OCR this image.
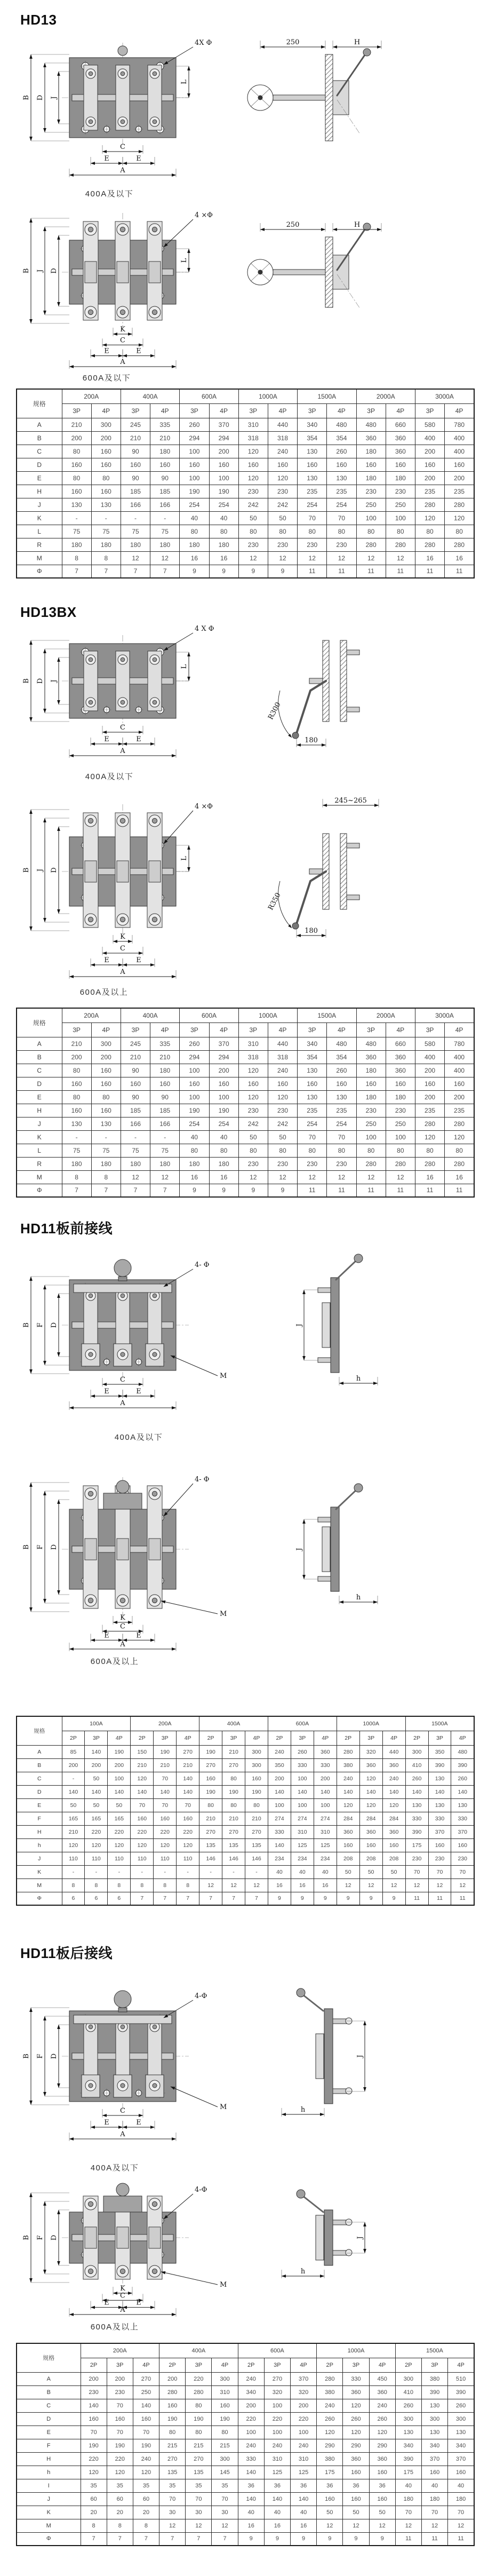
HD13
HD13BX
HD11板前接线
HD11板后接线
4X Φ
B D J
L
C
E	E
A
250	H
4 ×Φ
B J D
L
K
C
E	E
A
250	H
4 X Φ
B D J
L
C
E	E
A
R300
180
4 ×Φ
B J D
L
K
C
E	E
A
R350
180
245~265
4- Φ
M
B F D
C
E	E
A
J
h
4- Φ
M
B F D
K
C
E	E
A
J
h
4-Φ
M
B F D
C
E	E
A
J
h
4-Φ
M
B F D
K
C
E	E
A
J
h
400A及以下
600A及以下
400A及以下
600A及以上
400A及以下
600A及以上
400A及以下
600A及以上
规格	200A		400A		600A		1000A		1500A		2000A		3000A	
	3P	4P	3P	4P	3P	4P	3P	4P	3P	4P	3P	4P	3P	4P
A	210	300	245	335	260	370	310	440	340	480	480	660	580	780
B	200	200	210	210	294	294	318	318	354	354	360	360	400	400
C	80	160	90	180	100	200	120	240	130	260	180	360	200	400
D	160	160	160	160	160	160	160	160	160	160	160	160	160	160
E	80	80	90	90	100	100	120	120	130	130	180	180	200	200
H	160	160	185	185	190	190	230	230	235	235	230	230	235	235
J	130	130	166	166	254	254	242	242	254	254	250	250	280	280
K	-	-	-	-	40	40	50	50	70	70	100	100	120	120
L	75	75	75	75	80	80	80	80	80	80	80	80	80	80
R	180	180	180	180	180	180	230	230	230	230	280	280	280	280
M	8	8	12	12	16	16	12	12	12	12	12	12	16	16
Φ	7	7	7	7	9	9	9	9	11	11	11	11	11	11
规格	200A		400A		600A		1000A		1500A		2000A		3000A	
	3P	4P	3P	4P	3P	4P	3P	4P	3P	4P	3P	4P	3P	4P
A	210	300	245	335	260	370	310	440	340	480	480	660	580	780
B	200	200	210	210	294	294	318	318	354	354	360	360	400	400
C	80	160	90	180	100	200	120	240	130	260	180	360	200	400
D	160	160	160	160	160	160	160	160	160	160	160	160	160	160
E	80	80	90	90	100	100	120	120	130	130	180	180	200	200
H	160	160	185	185	190	190	230	230	235	235	230	230	235	235
J	130	130	166	166	254	254	242	242	254	254	250	250	280	280
K	-	-	-	-	40	40	50	50	70	70	100	100	120	120
L	75	75	75	75	80	80	80	80	80	80	80	80	80	80
R	180	180	180	180	180	180	230	230	230	230	280	280	280	280
M	8	8	12	12	16	16	12	12	12	12	12	12	16	16
Φ	7	7	7	7	9	9	9	9	11	11	11	11	11	11
规格	100A			200A			400A			600A			1000A			1500A		
	2P	3P	4P	2P	3P	4P	2P	3P	4P	2P	3P	4P	2P	3P	4P	2P	3P	4P
A	85	140	190	150	190	270	190	210	300	240	260	360	280	320	440	300	350	480
B	200	200	200	210	210	210	270	270	300	350	330	330	380	360	360	410	390	390
C	-	50	100	120	70	140	160	80	160	200	100	200	240	120	240	260	130	260
D	140	140	140	140	140	140	190	190	190	140	140	140	140	140	140	140	140	140
E	50	50	50	70	70	70	80	80	80	100	100	100	120	120	120	130	130	130
F	165	165	165	160	160	160	210	210	210	274	274	274	284	284	284	330	330	330
H	210	220	220	220	220	220	270	270	270	330	310	310	360	360	360	390	370	370
h	120	120	120	120	120	120	135	135	135	140	125	125	160	160	160	175	160	160
J	110	110	110	110	110	110	146	146	146	234	234	234	208	208	208	230	230	230
K	-	-	-	-	-	-	-	-	-	40	40	40	50	50	50	70	70	70
M	8	8	8	8	8	8	12	12	12	16	16	16	12	12	12	12	12	12
Φ	6	6	6	7	7	7	7	7	7	9	9	9	9	9	9	11	11	11
规格	200A			400A			600A			1000A			1500A		
	2P	3P	4P	2P	3P	4P	2P	3P	4P	2P	3P	4P	2P	3P	4P
A	200	200	270	200	220	300	240	270	370	280	330	450	300	380	510
B	230	230	250	280	280	310	340	320	320	380	360	360	410	390	390
C	140	70	140	160	80	160	200	100	200	240	120	240	260	130	260
D	160	160	160	190	190	190	220	220	220	260	260	260	300	300	300
E	70	70	70	80	80	80	100	100	100	120	120	120	130	130	130
F	190	190	190	215	215	215	240	240	240	290	290	290	340	340	340
H	220	220	240	270	270	300	330	310	310	380	360	360	390	370	370
h	120	120	120	135	135	145	140	125	125	175	160	160	175	160	160
I	35	35	35	35	35	35	36	36	36	36	36	36	40	40	40
J	60	60	60	70	70	70	140	140	140	160	160	160	180	180	180
K	20	20	20	30	30	30	40	40	40	50	50	50	70	70	70
M	8	8	8	12	12	12	16	16	16	12	12	12	12	12	12
Φ	7	7	7	7	7	7	9	9	9	9	9	9	11	11	11
